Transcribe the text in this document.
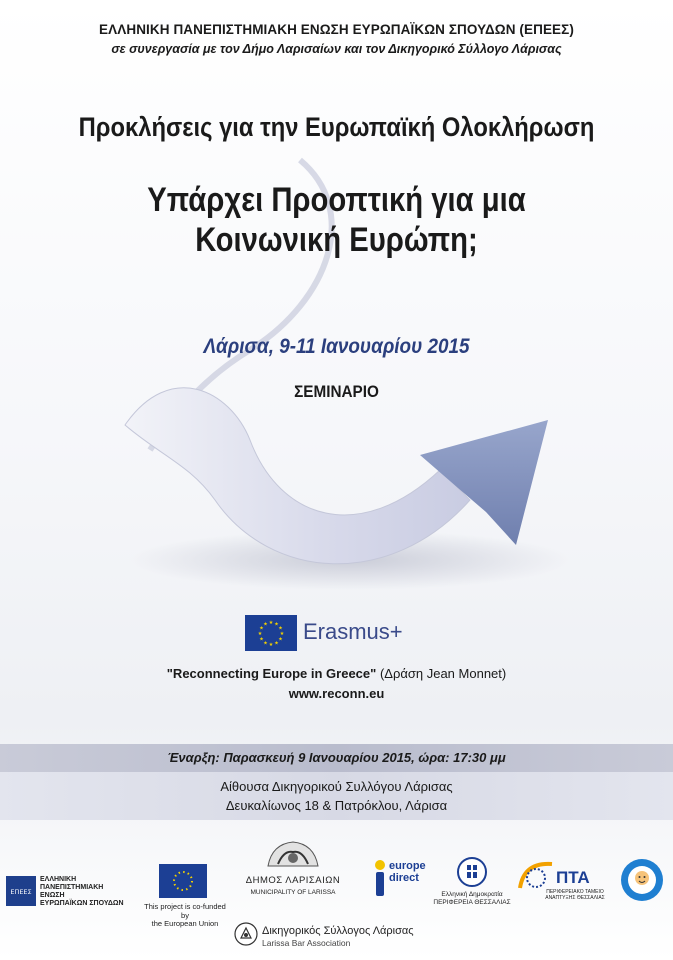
ΕΛΛΗΝΙΚΗ ΠΑΝΕΠΙΣΤΗΜΙΑΚΗ ΕΝΩΣΗ ΕΥΡΩΠΑΪΚΩΝ ΣΠΟΥΔΩΝ (ΕΠΕΕΣ)
σε συνεργασία με τον Δήμο Λαρισαίων και τον Δικηγορικό Σύλλογο Λάρισας
Προκλήσεις για την Ευρωπαϊκή Ολοκλήρωση
Υπάρχει Προοπτική για μια
Κοινωνική Ευρώπη;
Λάρισα, 9-11 Ιανουαρίου 2015
ΣΕΜΙΝΑΡΙΟ
★ ★
★
★
★
★
★
★
★
★
★
★ Erasmus+
"Reconnecting Europe in Greece" (Δράση Jean Monnet)
www.reconn.eu
Έναρξη: Παρασκευή 9 Ιανουαρίου 2015, ώρα: 17:30 μμ
Αίθουσα Δικηγορικού Συλλόγου Λάρισας
Δευκαλίωνος 18 & Πατρόκλου, Λάρισα
ΕΠΕΕΣ
ΕΛΛΗΝΙΚΗ
ΠΑΝΕΠΙΣΤΗΜΙΑΚΗ
ΕΝΩΣΗ
ΕΥΡΩΠΑΪΚΩΝ ΣΠΟΥΔΩΝ	This project is co-funded by
the European Union
ΔΗΜΟΣ ΛΑΡΙΣΑΙΩΝ
MUNICIPALITY OF LARISSA
europe
direct
Ελληνική Δημοκρατία
ΠΕΡΙΦΕΡΕΙΑ ΘΕΣΣΑΛΙΑΣ
ΠΤΑ
ΠΕΡΙΦΕΡΕΙΑΚΟ ΤΑΜΕΙΟ
ΑΝΑΠΤΥΞΗΣ ΘΕΣΣΑΛΙΑΣ
Δικηγορικός Σύλλογος Λάρισας
Larissa Bar Association
